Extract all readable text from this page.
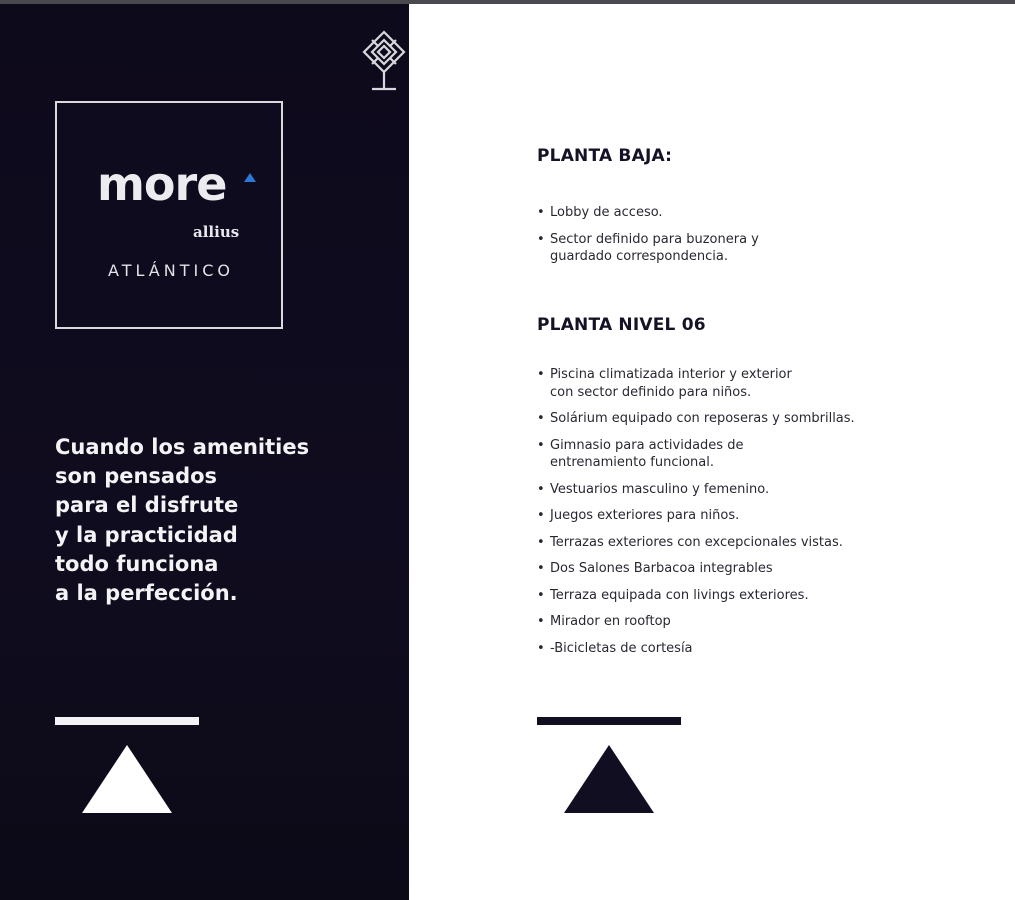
more
allius
ATLÁNTICO
Cuando los amenities
son pensados
para el disfrute
y la practicidad
todo funciona
a la perfección.
PLANTA BAJA:
• Lobby de acceso.
• Sector definido para buzonera y
guardado correspondencia.
PLANTA NIVEL 06
• Piscina climatizada interior y exterior
con sector definido para niños.
• Solárium equipado con reposeras y sombrillas.
• Gimnasio para actividades de
entrenamiento funcional.
• Vestuarios masculino y femenino.
• Juegos exteriores para niños.
• Terrazas exteriores con excepcionales vistas.
• Dos Salones Barbacoa integrables
• Terraza equipada con livings exteriores.
• Mirador en rooftop
• -Bicicletas de cortesía
